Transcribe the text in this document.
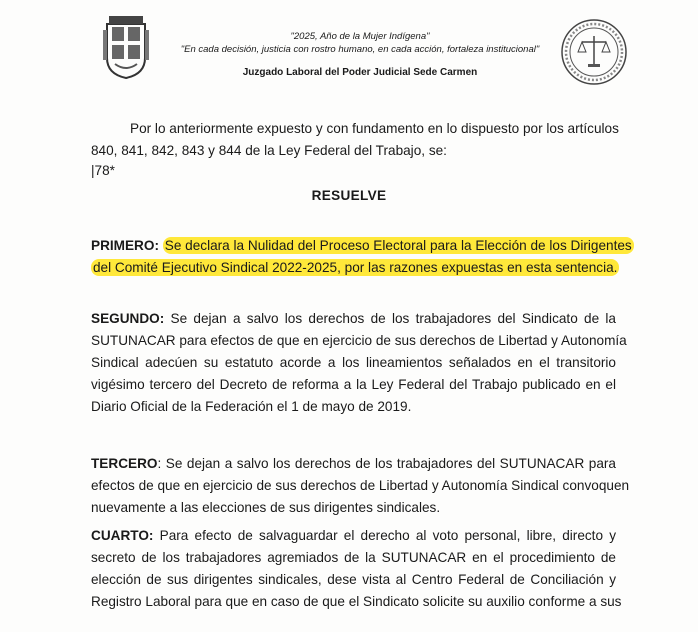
"2025, Año de la Mujer Indígena"
"En cada decisión, justicia con rostro humano, en cada acción, fortaleza institucional"
Juzgado Laboral del Poder Judicial Sede Carmen
Por lo anteriormente expuesto y con fundamento en lo dispuesto por los artículos
840, 841, 842, 843 y 844 de la Ley Federal del Trabajo, se:
|78*
RESUELVE
PRIMERO: Se declara la Nulidad del Proceso Electoral para la Elección de los Dirigentes
del Comité Ejecutivo Sindical 2022-2025, por las razones expuestas en esta sentencia.
SEGUNDO: Se dejan a salvo los derechos de los trabajadores del Sindicato de la
SUTUNACAR para efectos de que en ejercicio de sus derechos de Libertad y Autonomía
Sindical adecúen su estatuto acorde a los lineamientos señalados en el transitorio
vigésimo tercero del Decreto de reforma a la Ley Federal del Trabajo publicado en el
Diario Oficial de la Federación el 1 de mayo de 2019.
TERCERO: Se dejan a salvo los derechos de los trabajadores del SUTUNACAR para
efectos de que en ejercicio de sus derechos de Libertad y Autonomía Sindical convoquen
nuevamente a las elecciones de sus dirigentes sindicales.
CUARTO: Para efecto de salvaguardar el derecho al voto personal, libre, directo y
secreto de los trabajadores agremiados de la SUTUNACAR en el procedimiento de
elección de sus dirigentes sindicales, dese vista al Centro Federal de Conciliación y
Registro Laboral para que en caso de que el Sindicato solicite su auxilio conforme a sus
